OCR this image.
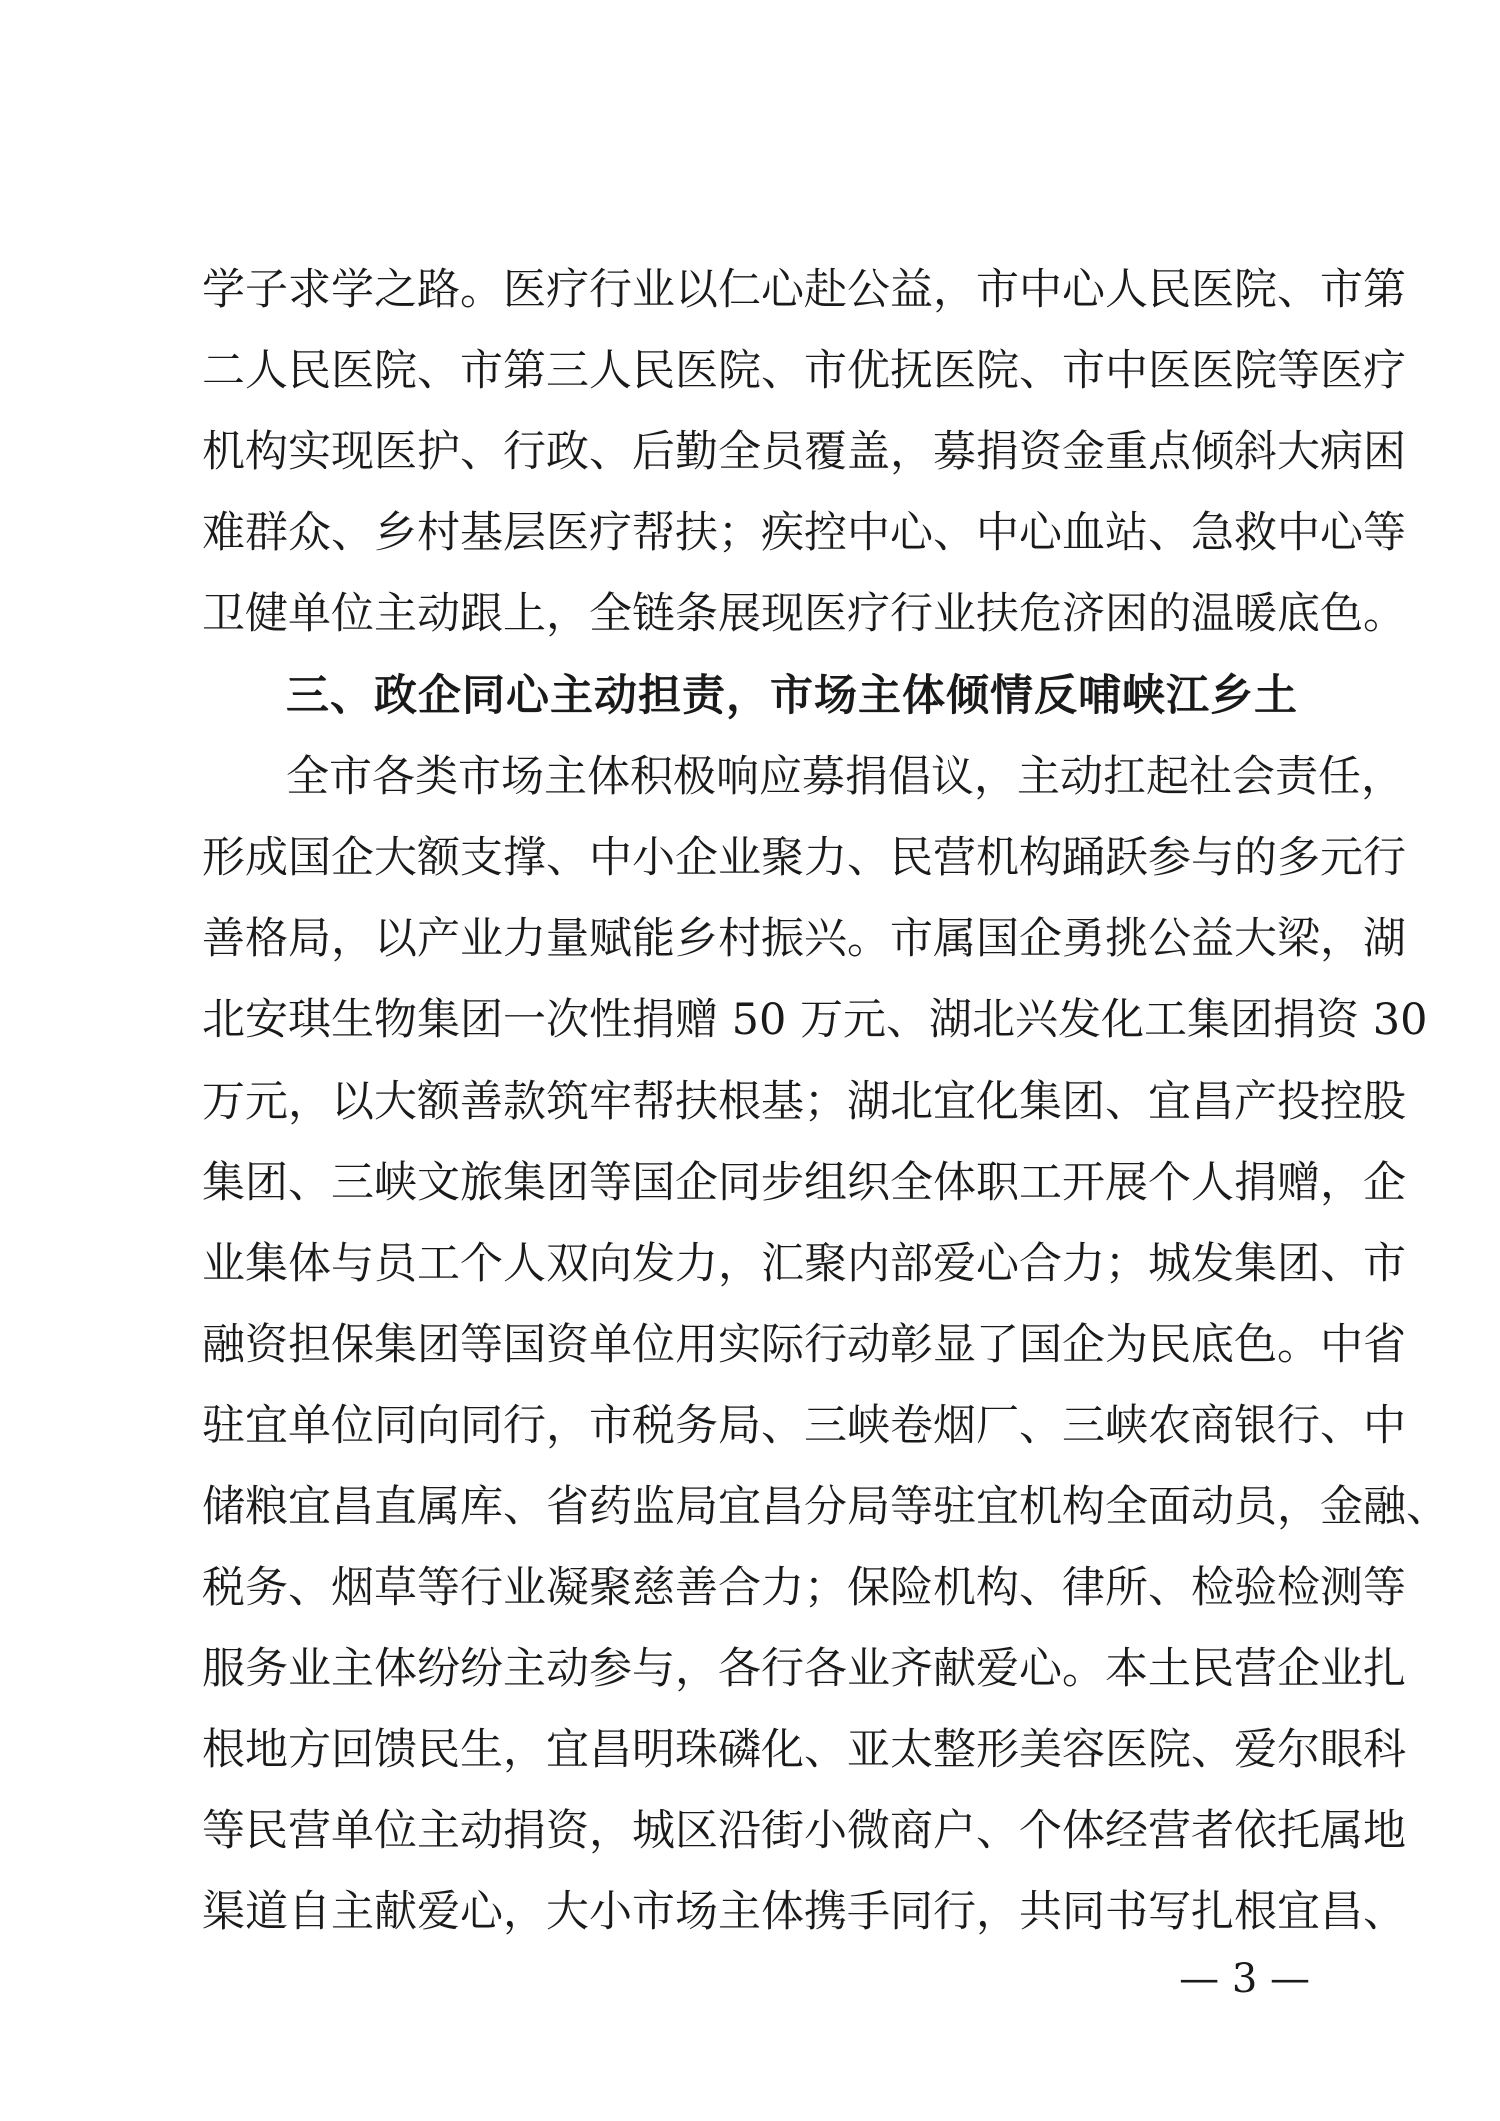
学子求学之路。医疗行业以仁心赴公益，市中心人民医院、市第
二人民医院、市第三人民医院、市优抚医院、市中医医院等医疗
机构实现医护、行政、后勤全员覆盖，募捐资金重点倾斜大病困
难群众、乡村基层医疗帮扶；疾控中心、中心血站、急救中心等
卫健单位主动跟上，全链条展现医疗行业扶危济困的温暖底色。
三、政企同心主动担责，市场主体倾情反哺峡江乡土
全市各类市场主体积极响应募捐倡议，主动扛起社会责任，
形成国企大额支撑、中小企业聚力、民营机构踊跃参与的多元行
善格局，以产业力量赋能乡村振兴。市属国企勇挑公益大梁，湖
北安琪生物集团一次性捐赠 50 万元、湖北兴发化工集团捐资 30
万元，以大额善款筑牢帮扶根基；湖北宜化集团、宜昌产投控股
集团、三峡文旅集团等国企同步组织全体职工开展个人捐赠，企
业集体与员工个人双向发力，汇聚内部爱心合力；城发集团、市
融资担保集团等国资单位用实际行动彰显了国企为民底色。中省
驻宜单位同向同行，市税务局、三峡卷烟厂、三峡农商银行、中
储粮宜昌直属库、省药监局宜昌分局等驻宜机构全面动员，金融、
税务、烟草等行业凝聚慈善合力；保险机构、律所、检验检测等
服务业主体纷纷主动参与，各行各业齐献爱心。本土民营企业扎
根地方回馈民生，宜昌明珠磷化、亚太整形美容医院、爱尔眼科
等民营单位主动捐资，城区沿街小微商户、个体经营者依托属地
渠道自主献爱心，大小市场主体携手同行，共同书写扎根宜昌、
— 3 —
